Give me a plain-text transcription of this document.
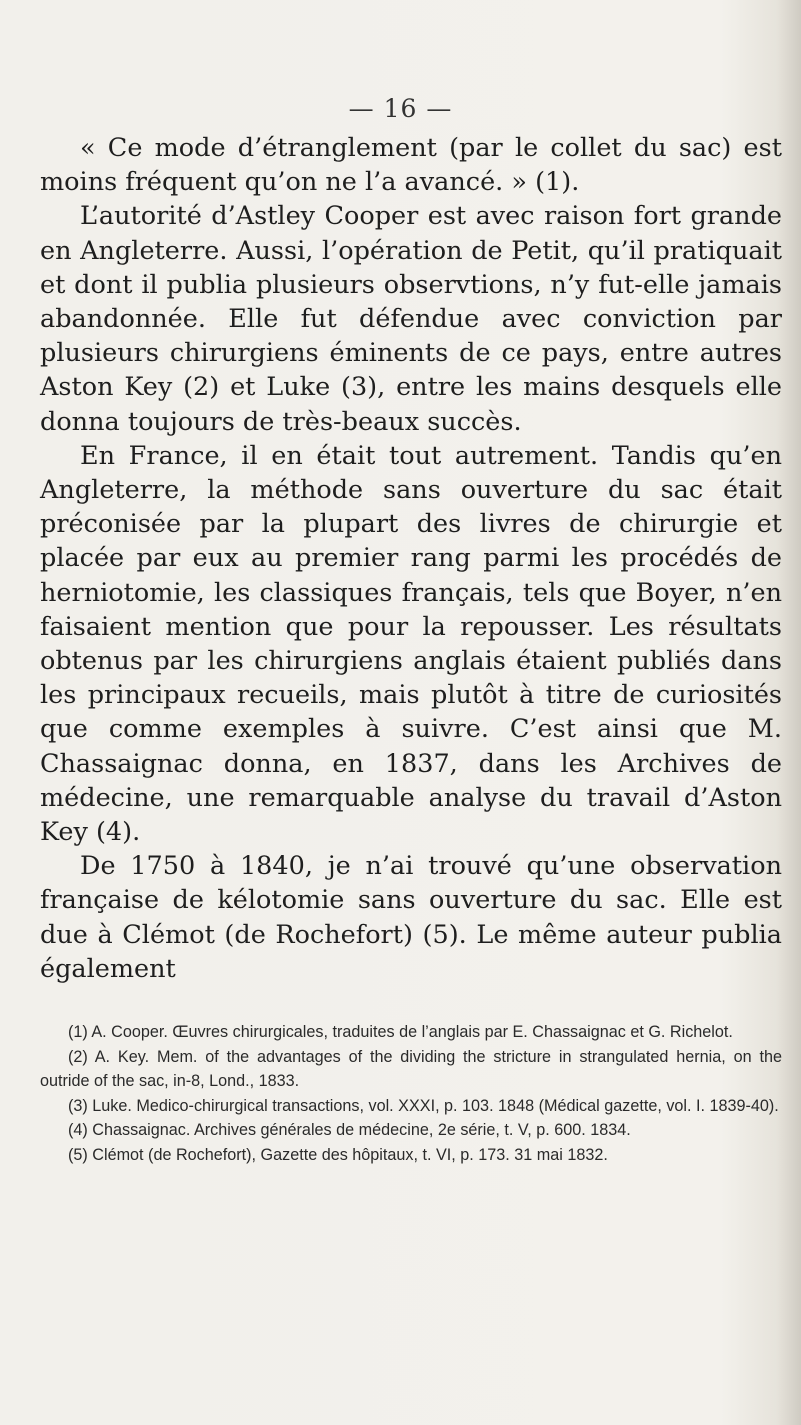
— 16 —

« Ce mode d’étranglement (par le collet du sac) est moins fréquent qu’on ne l’a avancé. » (1).

L’autorité d’Astley Cooper est avec raison fort grande en Angleterre. Aussi, l’opération de Petit, qu’il pratiquait et dont il publia plusieurs observtions, n’y fut-elle jamais abandonnée. Elle fut défendue avec conviction par plusieurs chirurgiens éminents de ce pays, entre autres Aston Key (2) et Luke (3), entre les mains desquels elle donna toujours de très-beaux succès.

En France, il en était tout autrement. Tandis qu’en Angleterre, la méthode sans ouverture du sac était préconisée par la plupart des livres de chirurgie et placée par eux au premier rang parmi les procédés de herniotomie, les classiques français, tels que Boyer, n’en faisaient mention que pour la repousser. Les résultats obtenus par les chirurgiens anglais étaient publiés dans les principaux recueils, mais plutôt à titre de curiosités que comme exemples à suivre. C’est ainsi que M. Chassaignac donna, en 1837, dans les Archives de médecine, une remarquable analyse du travail d’Aston Key (4).

De 1750 à 1840, je n’ai trouvé qu’une observation française de kélotomie sans ouverture du sac. Elle est due à Clémot (de Rochefort) (5). Le même auteur publia également

(1) A. Cooper. Œuvres chirurgicales, traduites de l’anglais par E. Chassaignac et G. Richelot.

(2) A. Key. Mem. of the advantages of the dividing the stricture in strangulated hernia, on the outride of the sac, in-8, Lond., 1833.

(3) Luke. Medico-chirurgical transactions, vol. XXXI, p. 103. 1848 (Médical gazette, vol. I. 1839-40).

(4) Chassaignac. Archives générales de médecine, 2e série, t. V, p. 600. 1834.

(5) Clémot (de Rochefort), Gazette des hôpitaux, t. VI, p. 173. 31 mai 1832.
